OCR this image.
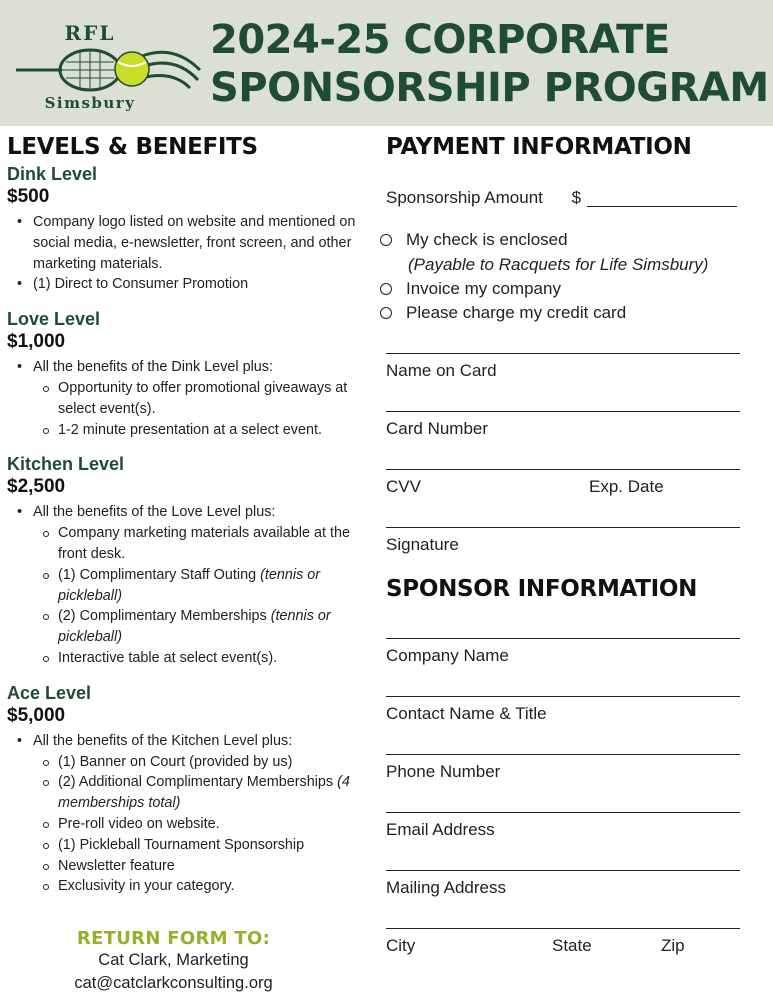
RFL
Simsbury
2024-25 CORPORATE
SPONSORSHIP PROGRAM
LEVELS & BENEFITS
Dink Level
$500
• Company logo listed on website and mentioned on social media, e-newsletter, front screen, and other marketing materials.
• (1) Direct to Consumer Promotion
Love Level
$1,000
• All the benefits of the Dink Level plus:
Opportunity to offer promotional giveaways at select event(s).
1-2 minute presentation at a select event.
Kitchen Level
$2,500
• All the benefits of the Love Level plus:
Company marketing materials available at the front desk.
(1) Complimentary Staff Outing (tennis or pickleball)
(2) Complimentary Memberships (tennis or pickleball)
Interactive table at select event(s).
Ace Level
$5,000
• All the benefits of the Kitchen Level plus:
(1) Banner on Court (provided by us)
(2) Additional Complimentary Memberships (4 memberships total)
Pre-roll video on website.
(1) Pickleball Tournament Sponsorship
Newsletter feature
Exclusivity in your category.
RETURN FORM TO:
Cat Clark, Marketing
cat@catclarkconsulting.org
PAYMENT INFORMATION
Sponsorship Amount $
My check is enclosed
(Payable to Racquets for Life Simsbury)
Invoice my company
Please charge my credit card
Name on Card
Card Number
CVV	Exp. Date
Signature
SPONSOR INFORMATION
Company Name
Contact Name & Title
Phone Number
Email Address
Mailing Address
City	State	Zip
